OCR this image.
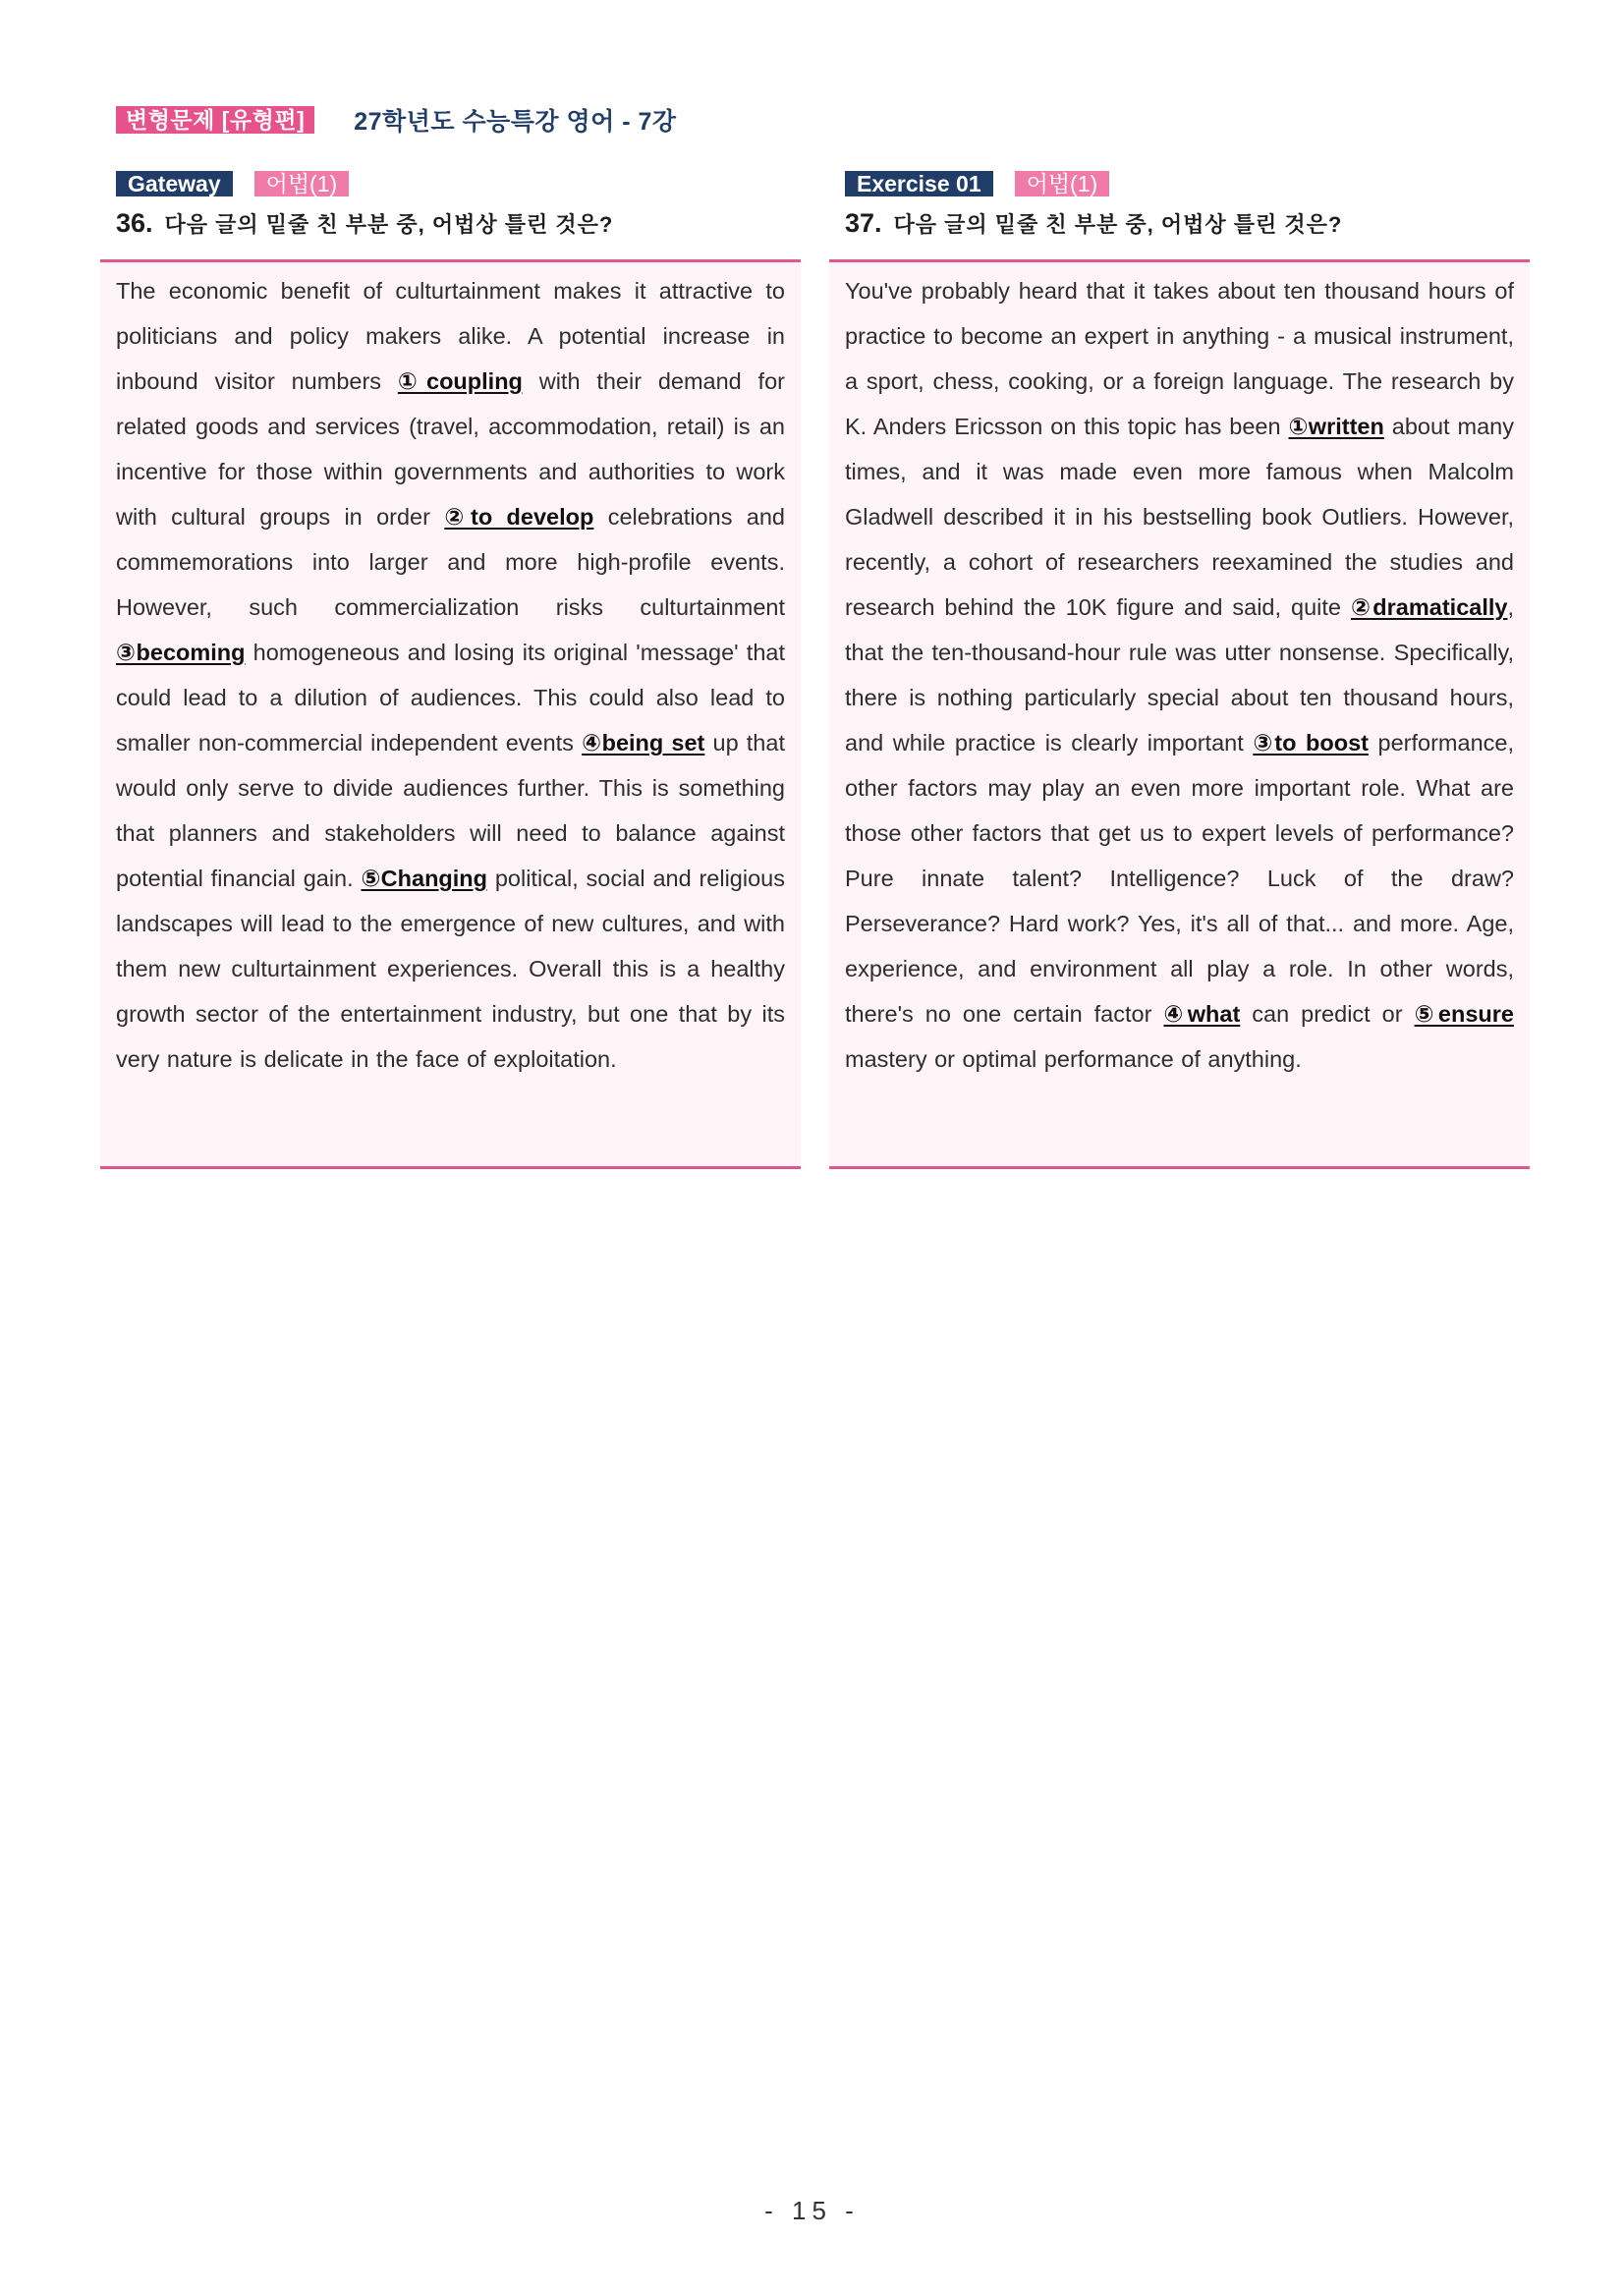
변형문제 [유형편]	27학년도 수능특강 영어 - 7강
Gateway	어법(1)
36. 다음 글의 밑줄 친 부분 중, 어법상 틀린 것은?

The economic benefit of culturtainment makes it attractive to politicians and policy makers alike. A potential increase in inbound visitor numbers ①coupling with their demand for related goods and services (travel, accommodation, retail) is an incentive for those within governments and authorities to work with cultural groups in order ②to develop celebrations and commemorations into larger and more high-profile events. However, such commercialization risks culturtainment ③becoming homogeneous and losing its original 'message' that could lead to a dilution of audiences. This could also lead to smaller non-commercial independent events ④being set up that would only serve to divide audiences further. This is something that planners and stakeholders will need to balance against potential financial gain. ⑤Changing political, social and religious landscapes will lead to the emergence of new cultures, and with them new culturtainment experiences. Overall this is a healthy growth sector of the entertainment industry, but one that by its very nature is delicate in the face of exploitation.

Exercise 01	어법(1)
37. 다음 글의 밑줄 친 부분 중, 어법상 틀린 것은?

You've probably heard that it takes about ten thousand hours of practice to become an expert in anything - a musical instrument, a sport, chess, cooking, or a foreign language. The research by K. Anders Ericsson on this topic has been ①written about many times, and it was made even more famous when Malcolm Gladwell described it in his bestselling book Outliers. However, recently, a cohort of researchers reexamined the studies and research behind the 10K figure and said, quite ②dramatically, that the ten-thousand-hour rule was utter nonsense. Specifically, there is nothing particularly special about ten thousand hours, and while practice is clearly important ③to boost performance, other factors may play an even more important role. What are those other factors that get us to expert levels of performance? Pure innate talent? Intelligence? Luck of the draw? Perseverance? Hard work? Yes, it's all of that... and more. Age, experience, and environment all play a role. In other words, there's no one certain factor ④what can predict or ⑤ensure mastery or optimal performance of anything.

- 15 -
